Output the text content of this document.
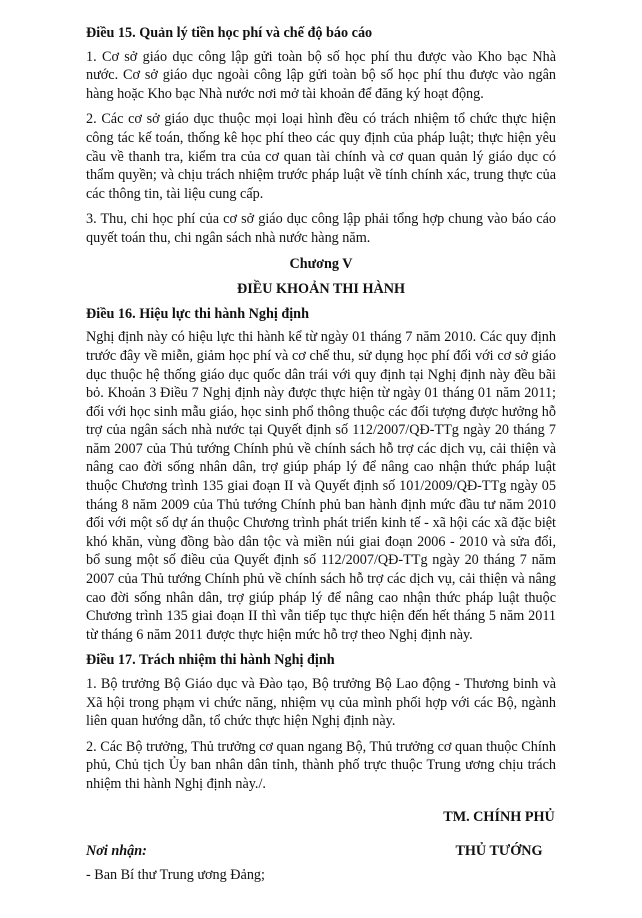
Điều 15. Quản lý tiền học phí và chế độ báo cáo
1. Cơ sở giáo dục công lập gửi toàn bộ số học phí thu được vào Kho bạc Nhà nước. Cơ sở giáo dục ngoài công lập gửi toàn bộ số học phí thu được vào ngân hàng hoặc Kho bạc Nhà nước nơi mở tài khoản để đăng ký hoạt động.
2. Các cơ sở giáo dục thuộc mọi loại hình đều có trách nhiệm tổ chức thực hiện công tác kế toán, thống kê học phí theo các quy định của pháp luật; thực hiện yêu cầu về thanh tra, kiểm tra của cơ quan tài chính và cơ quan quản lý giáo dục có thẩm quyền; và chịu trách nhiệm trước pháp luật về tính chính xác, trung thực của các thông tin, tài liệu cung cấp.
3. Thu, chi học phí của cơ sở giáo dục công lập phải tổng hợp chung vào báo cáo quyết toán thu, chi ngân sách nhà nước hàng năm.
Chương V
ĐIỀU KHOẢN THI HÀNH
Điều 16. Hiệu lực thi hành Nghị định
Nghị định này có hiệu lực thi hành kể từ ngày 01 tháng 7 năm 2010. Các quy định trước đây về miễn, giảm học phí và cơ chế thu, sử dụng học phí đối với cơ sở giáo dục thuộc hệ thống giáo dục quốc dân trái với quy định tại Nghị định này đều bãi bỏ. Khoản 3 Điều 7 Nghị định này được thực hiện từ ngày 01 tháng 01 năm 2011; đối với học sinh mẫu giáo, học sinh phổ thông thuộc các đối tượng được hưởng hỗ trợ của ngân sách nhà nước tại Quyết định số 112/2007/QĐ-TTg ngày 20 tháng 7 năm 2007 của Thủ tướng Chính phủ về chính sách hỗ trợ các dịch vụ, cải thiện và nâng cao đời sống nhân dân, trợ giúp pháp lý để nâng cao nhận thức pháp luật thuộc Chương trình 135 giai đoạn II và Quyết định số 101/2009/QĐ-TTg ngày 05 tháng 8 năm 2009 của Thủ tướng Chính phủ ban hành định mức đầu tư năm 2010 đối với một số dự án thuộc Chương trình phát triển kinh tế - xã hội các xã đặc biệt khó khăn, vùng đồng bào dân tộc và miền núi giai đoạn 2006 - 2010 và sửa đổi, bổ sung một số điều của Quyết định số 112/2007/QĐ-TTg ngày 20 tháng 7 năm 2007 của Thủ tướng Chính phủ về chính sách hỗ trợ các dịch vụ, cải thiện và nâng cao đời sống nhân dân, trợ giúp pháp lý để nâng cao nhận thức pháp luật thuộc Chương trình 135 giai đoạn II thì vẫn tiếp tục thực hiện đến hết tháng 5 năm 2011 từ tháng 6 năm 2011 được thực hiện mức hỗ trợ theo Nghị định này.
Điều 17. Trách nhiệm thi hành Nghị định
1. Bộ trưởng Bộ Giáo dục và Đào tạo, Bộ trưởng Bộ Lao động - Thương binh và Xã hội trong phạm vi chức năng, nhiệm vụ của mình phối hợp với các Bộ, ngành liên quan hướng dẫn, tổ chức thực hiện Nghị định này.
2. Các Bộ trưởng, Thủ trưởng cơ quan ngang Bộ, Thủ trưởng cơ quan thuộc Chính phủ, Chủ tịch Ủy ban nhân dân tỉnh, thành phố trực thuộc Trung ương chịu trách nhiệm thi hành Nghị định này./.
TM. CHÍNH PHỦ
THỦ TƯỚNG
Nơi nhận:
- Ban Bí thư Trung ương Đảng;
